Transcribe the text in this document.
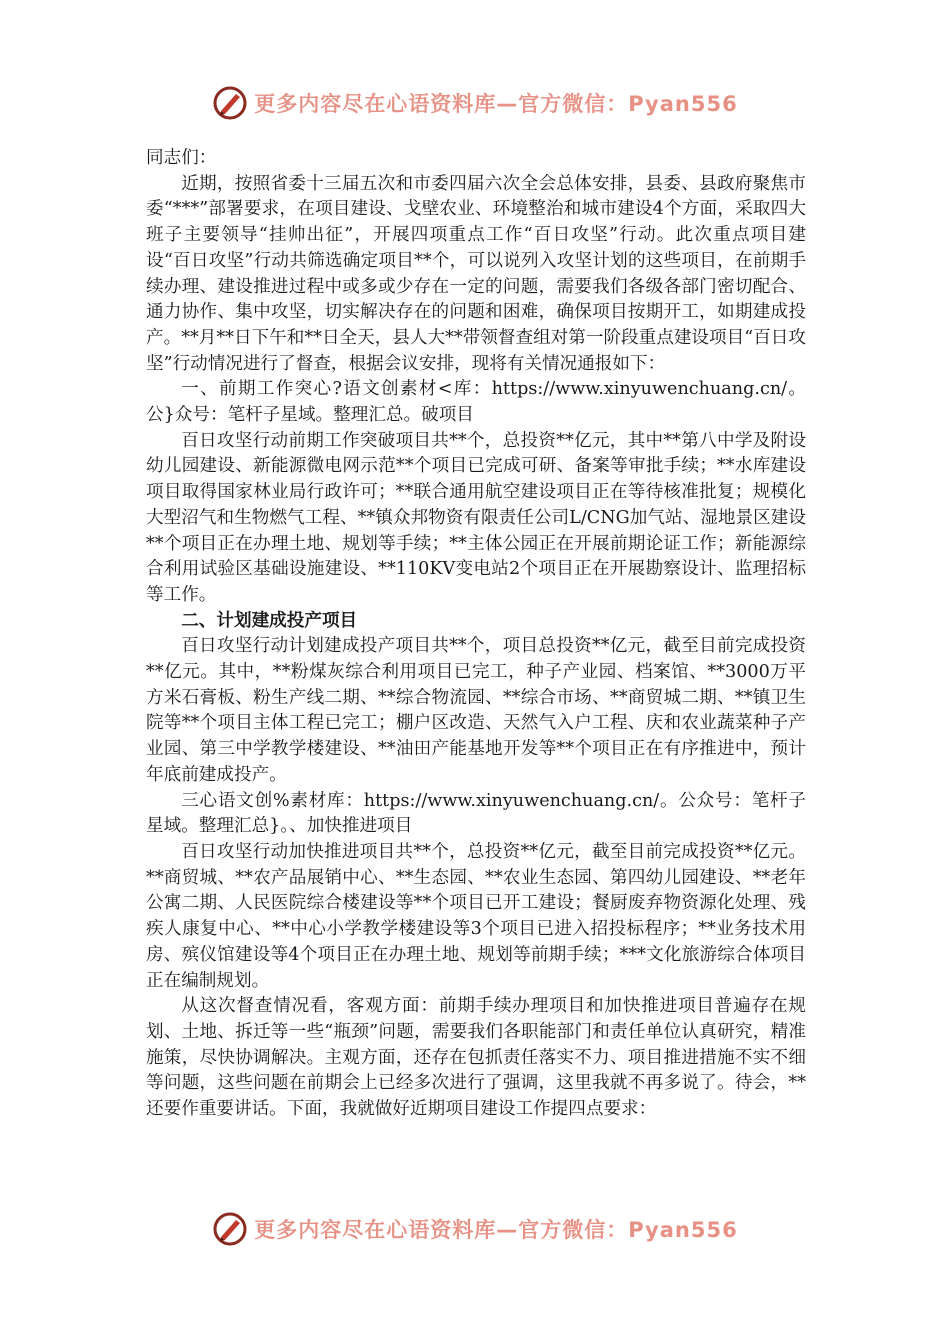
更多内容尽在心语资料库—官方微信：Pyan556

同志们：

近期，按照省委十三届五次和市委四届六次全会总体安排，县委、县政府聚焦市委“***”部署要求，在项目建设、戈壁农业、环境整治和城市建设4个方面，采取四大班子主要领导“挂帅出征”，开展四项重点工作“百日攻坚”行动。此次重点项目建设“百日攻坚”行动共筛选确定项目**个，可以说列入攻坚计划的这些项目，在前期手续办理、建设推进过程中或多或少存在一定的问题，需要我们各级各部门密切配合、通力协作、集中攻坚，切实解决存在的问题和困难，确保项目按期开工，如期建成投产。**月**日下午和**日全天，县人大**带领督查组对第一阶段重点建设项目“百日攻坚”行动情况进行了督查，根据会议安排，现将有关情况通报如下：

一、前期工作突心?语文创素材<库：https://www.xinyuwenchuang.cn/。公}众号：笔杆子星域。整理汇总。破项目

百日攻坚行动前期工作突破项目共**个，总投资**亿元，其中**第八中学及附设幼儿园建设、新能源微电网示范**个项目已完成可研、备案等审批手续；**水库建设项目取得国家林业局行政许可；**联合通用航空建设项目正在等待核准批复；规模化大型沼气和生物燃气工程、**镇众邦物资有限责任公司L/CNG加气站、湿地景区建设**个项目正在办理土地、规划等手续；**主体公园正在开展前期论证工作；新能源综合利用试验区基础设施建设、**110KV变电站2个项目正在开展勘察设计、监理招标等工作。

二、计划建成投产项目

百日攻坚行动计划建成投产项目共**个，项目总投资**亿元，截至目前完成投资**亿元。其中，**粉煤灰综合利用项目已完工，种子产业园、档案馆、**3000万平方米石膏板、粉生产线二期、**综合物流园、**综合市场、**商贸城二期、**镇卫生院等**个项目主体工程已完工；棚户区改造、天然气入户工程、庆和农业蔬菜种子产业园、第三中学教学楼建设、**油田产能基地开发等**个项目正在有序推进中，预计年底前建成投产。

三心语文创%素材库：https://www.xinyuwenchuang.cn/。公众号：笔杆子星域。整理汇总}。、加快推进项目

百日攻坚行动加快推进项目共**个，总投资**亿元，截至目前完成投资**亿元。**商贸城、**农产品展销中心、**生态园、**农业生态园、第四幼儿园建设、**老年公寓二期、人民医院综合楼建设等**个项目已开工建设；餐厨废弃物资源化处理、残疾人康复中心、**中心小学教学楼建设等3个项目已进入招投标程序；**业务技术用房、殡仪馆建设等4个项目正在办理土地、规划等前期手续；***文化旅游综合体项目正在编制规划。

从这次督查情况看，客观方面：前期手续办理项目和加快推进项目普遍存在规划、土地、拆迁等一些“瓶颈”问题，需要我们各职能部门和责任单位认真研究，精准施策，尽快协调解决。主观方面，还存在包抓责任落实不力、项目推进措施不实不细等问题，这些问题在前期会上已经多次进行了强调，这里我就不再多说了。待会，**还要作重要讲话。下面，我就做好近期项目建设工作提四点要求：

更多内容尽在心语资料库—官方微信：Pyan556
